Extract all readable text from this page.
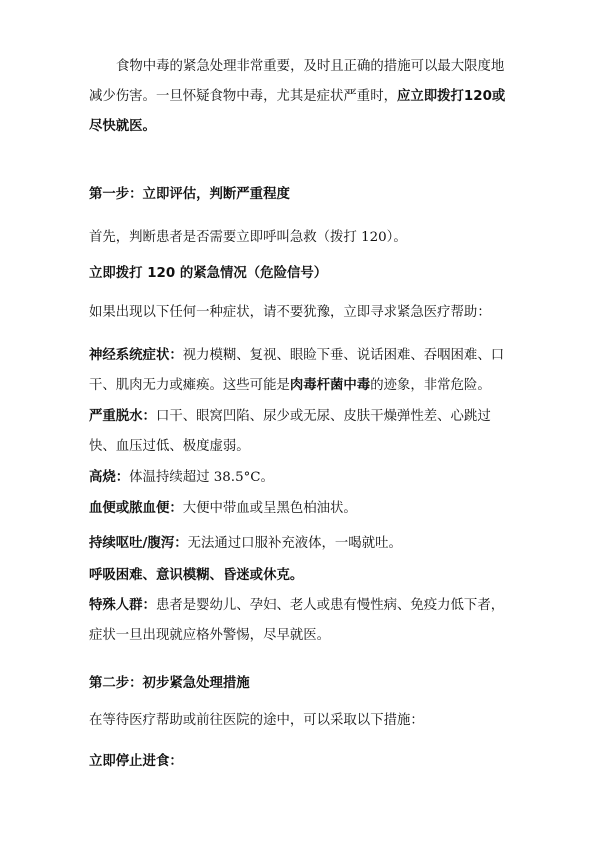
食物中毒的紧急处理非常重要，及时且正确的措施可以最大限度地减少伤害。一旦怀疑食物中毒，尤其是症状严重时，应立即拨打120或尽快就医。

第一步：立即评估，判断严重程度

首先，判断患者是否需要立即呼叫急救（拨打 120）。

立即拨打 120 的紧急情况（危险信号）

如果出现以下任何一种症状，请不要犹豫，立即寻求紧急医疗帮助：

神经系统症状：视力模糊、复视、眼睑下垂、说话困难、吞咽困难、口干、肌肉无力或瘫痪。这些可能是肉毒杆菌中毒的迹象，非常危险。

严重脱水：口干、眼窝凹陷、尿少或无尿、皮肤干燥弹性差、心跳过快、血压过低、极度虚弱。

高烧：体温持续超过 38.5°C。

血便或脓血便：大便中带血或呈黑色柏油状。

持续呕吐/腹泻：无法通过口服补充液体，一喝就吐。

呼吸困难、意识模糊、昏迷或休克。

特殊人群：患者是婴幼儿、孕妇、老人或患有慢性病、免疫力低下者，症状一旦出现就应格外警惕，尽早就医。

第二步：初步紧急处理措施

在等待医疗帮助或前往医院的途中，可以采取以下措施：

立即停止进食：
